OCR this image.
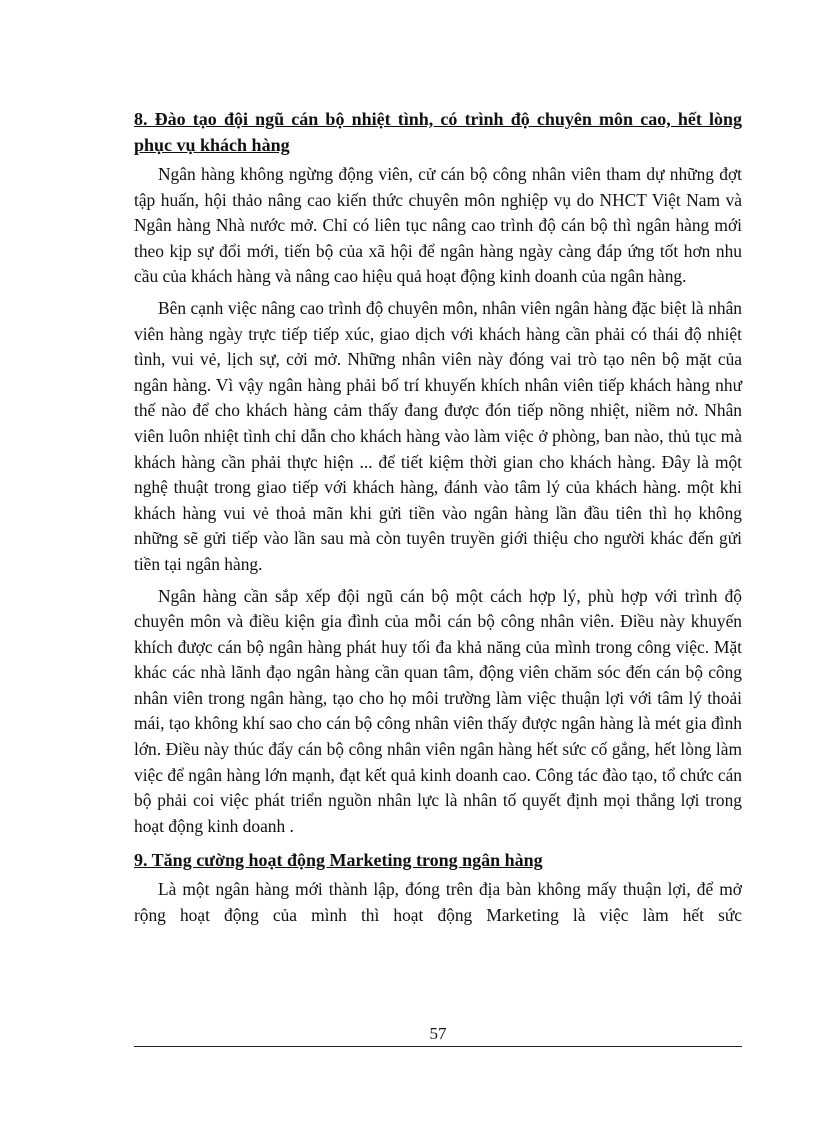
8. Đào tạo đội ngũ cán bộ nhiệt tình, có trình độ chuyên môn cao, hết lòng phục vụ khách hàng

Ngân hàng không ngừng động viên, cử cán bộ công nhân viên tham dự những đợt tập huấn, hội thảo nâng cao kiến thức chuyên môn nghiệp vụ do NHCT Việt Nam và Ngân hàng Nhà nước mở. Chỉ có liên tục nâng cao trình độ cán bộ thì ngân hàng mới theo kịp sự đổi mới, tiến bộ của xã hội để ngân hàng ngày càng đáp ứng tốt hơn nhu cầu của khách hàng và nâng cao hiệu quả hoạt động kinh doanh của ngân hàng.

Bên cạnh việc nâng cao trình độ chuyên môn, nhân viên ngân hàng đặc biệt là nhân viên hàng ngày trực tiếp tiếp xúc, giao dịch với khách hàng cần phải có thái độ nhiệt tình, vui vẻ, lịch sự, cởi mở. Những nhân viên này đóng vai trò tạo nên bộ mặt của ngân hàng. Vì vậy ngân hàng phải bố trí khuyến khích nhân viên tiếp khách hàng như thế nào để cho khách hàng cảm thấy đang được đón tiếp nồng nhiệt, niềm nở. Nhân viên luôn nhiệt tình chỉ dẫn cho khách hàng vào làm việc ở phòng, ban nào, thủ tục mà khách hàng cần phải thực hiện ... để tiết kiệm thời gian cho khách hàng. Đây là một nghệ thuật trong giao tiếp với khách hàng, đánh vào tâm lý của khách hàng. một khi khách hàng vui vẻ thoả mãn khi gửi tiền vào ngân hàng lần đầu tiên thì họ không những sẽ gửi tiếp vào lần sau mà còn tuyên truyền giới thiệu cho người khác đến gửi tiền tại ngân hàng.

Ngân hàng cần sắp xếp đội ngũ cán bộ một cách hợp lý, phù hợp với trình độ chuyên môn và điều kiện gia đình của mỗi cán bộ công nhân viên. Điều này khuyến khích được cán bộ ngân hàng phát huy tối đa khả năng của mình trong công việc. Mặt khác các nhà lãnh đạo ngân hàng cần quan tâm, động viên chăm sóc đến cán bộ công nhân viên trong ngân hàng, tạo cho họ môi trường làm việc thuận lợi với tâm lý thoải mái, tạo không khí sao cho cán bộ công nhân viên thấy được ngân hàng là mét gia đình lớn. Điều này thúc đẩy cán bộ công nhân viên ngân hàng hết sức cố gắng, hết lòng làm việc để ngân hàng lớn mạnh, đạt kết quả kinh doanh cao. Công tác đào tạo, tổ chức cán bộ phải coi việc phát triển nguồn nhân lực là nhân tố quyết định mọi thắng lợi trong hoạt động kinh doanh .

9. Tăng cường hoạt động Marketing trong ngân hàng

Là một ngân hàng mới thành lập, đóng trên địa bàn không mấy thuận lợi, để mở rộng hoạt động của mình thì hoạt động Marketing là việc làm hết sức

57
